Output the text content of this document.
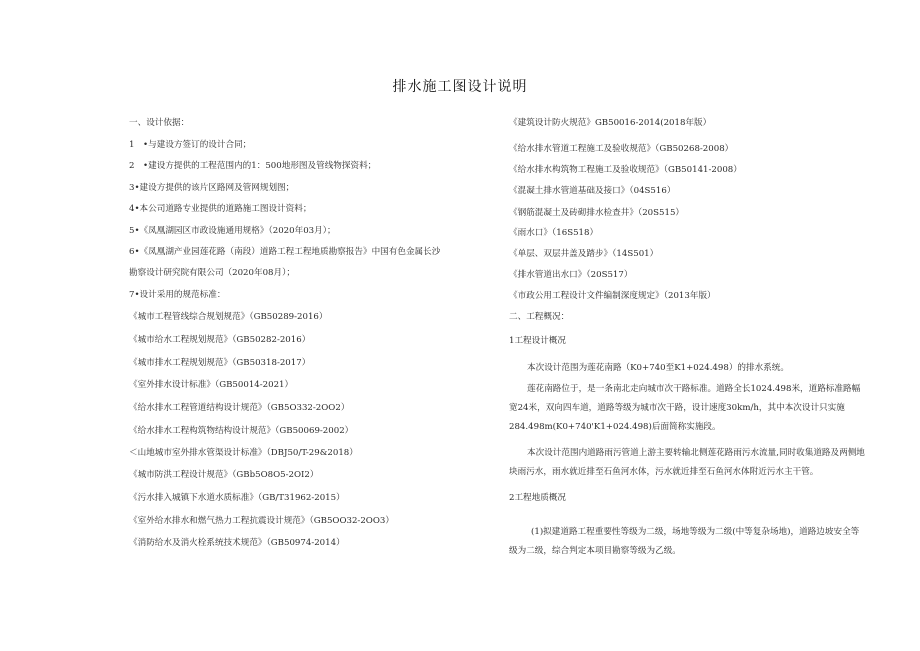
排水施工图设计说明
一、设计依据：
1　•与建设方签订的设计合同；
2　•建设方提供的工程范围内的1：500地形图及管线物探资料；
3•建设方提供的该片区路网及管网规划图；
4•本公司道路专业提供的道路施工图设计资料；
5•《凤凰湖园区市政设施通用规格》（2020年03月）；
6•《凤凰湖产业园莲花路（南段）道路工程工程地质勘察报告》中国有色金属长沙
勘察设计研究院有限公司（2020年08月）；
7•设计采用的规范标准：
《城市工程管线综合规划规范》（GB50289-2016）
《城市给水工程规划规范》（GB50282-2016）
《城市排水工程规划规范》（GB50318-2017）
《室外排水设计标准》（GB50014-2021）
《给水排水工程管道结构设计规范》（GB5O332-2OO2）
《给水排水工程构筑物结构设计规范》（GB50069-2002）
＜山地城市室外排水管渠设计标准》（DBJ50/T-29&2018）
《城市防洪工程设计规范》（GBb5O8O5-2OI2）
《污水排入城镇下水道水质标准》（GB/T31962-2015）
《室外给水排水和燃气热力工程抗震设计规范》（GB5OO32-2OO3）
《消防给水及消火栓系统技术规范》（GB50974-2014）
《建筑设计防火规范》GB50016-2014(2018年版）
《给水排水管道工程施工及验收规范》（GB50268-2008）
《给水排水构筑物工程施工及验收规范》（GB50141-2008）
《混凝土排水管道基础及接口》（04S516）
《钢筋混凝土及砖砌排水检查井》（20S515）
《雨水口》（16S518）
《单层、双层井盖及踏步》（14S501）
《排水管道出水口》（20S517）
《市政公用工程设计文件编制深度规定》（2013年版）
二、工程概况：
1工程设计概况
本次设计范围为莲花南路（K0+740至K1+024.498）的排水系统。
莲花南路位于，是一条南北走向城市次干路标准。道路全长1024.498米，道路标准路幅宽24米，双向四车道，道路等级为城市次干路，设计速度30km∕h，其中本次设计只实施284.498m(K0+740'K1+024.498)后面简称实施段。
本次设计范围内道路雨污管道上游主要转输北侧莲花路雨污水流量,同时收集道路及两侧地块雨污水，雨水就近排至石鱼河水体，污水就近排至石鱼河水体附近污水主干管。
2工程地质概况
(1)拟建道路工程重要性等级为二级，场地等级为二级(中等复杂场地)，道路边坡安全等级为二级，综合判定本项目勘察等级为乙级。
